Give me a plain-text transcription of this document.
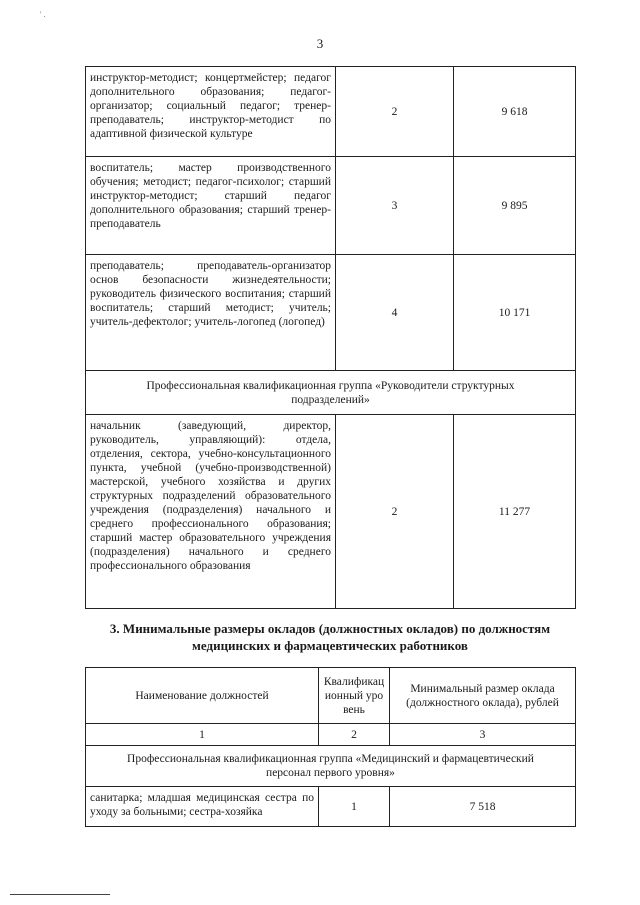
' .
3
инструктор-методист; концертмейстер; педагог дополнительного образования; педагог-организатор; социальный педагог; тренер-преподаватель; инструктор-методист по адаптивной физической культуре	2	9 618
воспитатель; мастер производственного обучения; методист; педагог-психолог; старший инструктор-методист; старший педагог дополнительного образования; старший тренер-преподаватель	3	9 895
преподаватель; преподаватель-организатор основ безопасности жизнедеятельности; руководитель физического воспитания; старший воспитатель; старший методист; учитель; учитель-дефектолог; учитель-логопед (логопед)	4	10 171
Профессиональная квалификационная группа «Руководители структурных подразделений»		
начальник (заведующий, директор, руководитель, управляющий): отдела, отделения, сектора, учебно-консультационного пункта, учебной (учебно-производственной) мастерской, учебного хозяйства и других структурных подразделений образовательного учреждения (подразделения) начального и среднего профессионального образования; старший мастер образовательного учреждения (подразделения) начального и среднего профессионального образования	2	11 277
3. Минимальные размеры окладов (должностных окладов) по должностям медицинских и фармацевтических работников
Наименование должностей	Квалификационный уровень	Минимальный размер оклада (должностного оклада), рублей
1	2	3
Профессиональная квалификационная группа «Медицинский и фармацевтический персонал первого уровня»		
санитарка; младшая медицинская сестра по уходу за больными; сестра-хозяйка	1	7 518
